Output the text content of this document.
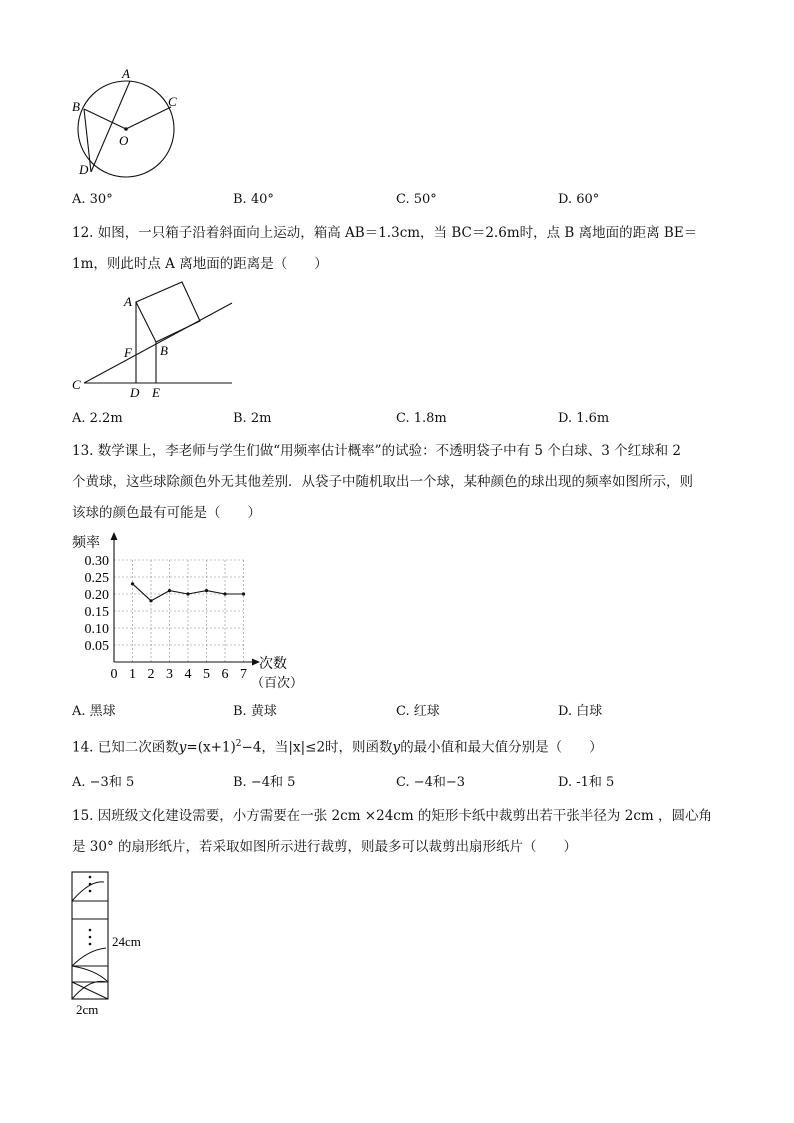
A
B	C
D
O
A. 30°	B. 40°	C. 50°	D. 60°
12. 如图，一只箱子沿着斜面向上运动，箱高 AB＝1.3cm，当 BC＝2.6m时，点 B 离地面的距离 BE＝
1m，则此时点 A 离地面的距离是（　　）
A
B
C
D E
F
A. 2.2m	B. 2m	C. 1.8m	D. 1.6m
13. 数学课上，李老师与学生们做“用频率估计概率”的试验：不透明袋子中有 5 个白球、3 个红球和 2
个黄球，这些球除颜色外无其他差别．从袋子中随机取出一个球，某种颜色的球出现的频率如图所示，则
该球的颜色最有可能是（　　）
频率
次数
（百次）
0 1 2 3 4 5 6 7
0.05
0.10
0.15
0.20
0.25
0.30
A. 黑球	B. 黄球	C. 红球	D. 白球
14. 已知二次函数$y=(x+1)^2-4$，当|x|≤2时，则函数y的最小值和最大值分别是（　　）
A. −3和 5	B. −4和 5	C. −4和−3	D. -1和 5
15. 因班级文化建设需要，小方需要在一张 2cm ×24cm 的矩形卡纸中裁剪出若干张半径为 2cm ，圆心角
是 30° 的扇形纸片，若采取如图所示进行裁剪，则最多可以裁剪出扇形纸片（　　）
24cm
2cm
